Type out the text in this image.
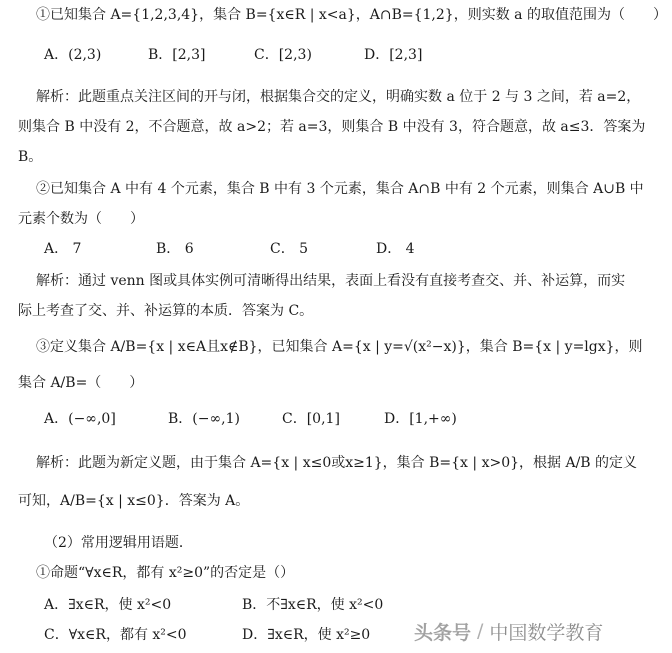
①已知集合 A={1,2,3,4}，集合 B={x∈R | x<a}，A∩B={1,2}，则实数 a 的取值范围为（　　）
A．(2,3)	B．[2,3]	C．[2,3)	D．[2,3]
解析：此题重点关注区间的开与闭，根据集合交的定义，明确实数 a 位于 2 与 3 之间，若 a=2，
则集合 B 中没有 2，不合题意，故 a>2；若 a=3，则集合 B 中没有 3，符合题意，故 a≤3．答案为
B。
②已知集合 A 中有 4 个元素，集合 B 中有 3 个元素，集合 A∩B 中有 2 个元素，则集合 A∪B 中
元素个数为（　　）
A． 7	B． 6	C． 5	D． 4
解析：通过 venn 图或具体实例可清晰得出结果，表面上看没有直接考查交、并、补运算，而实
际上考查了交、并、补运算的本质．答案为 C。
③定义集合 A/B={x | x∈A且x∉B}，已知集合 A={x | y=√(x²−x)}，集合 B={x | y=lgx}，则
集合 A/B=（　　）
A．(−∞,0]	B．(−∞,1)	C．[0,1]	D．[1,+∞)
解析：此题为新定义题，由于集合 A={x | x≤0或x≥1}，集合 B={x | x>0}，根据 A/B 的定义
可知，A/B={x | x≤0}．答案为 A。
（2）常用逻辑用语题．
①命题“∀x∈R，都有 x²≥0”的否定是（）
A．∃x∈R，使 x²<0	B．不∃x∈R，使 x²<0
C．∀x∈R，都有 x²<0	D．∃x∈R，使 x²≥0 头条号 / 中国数学教育
